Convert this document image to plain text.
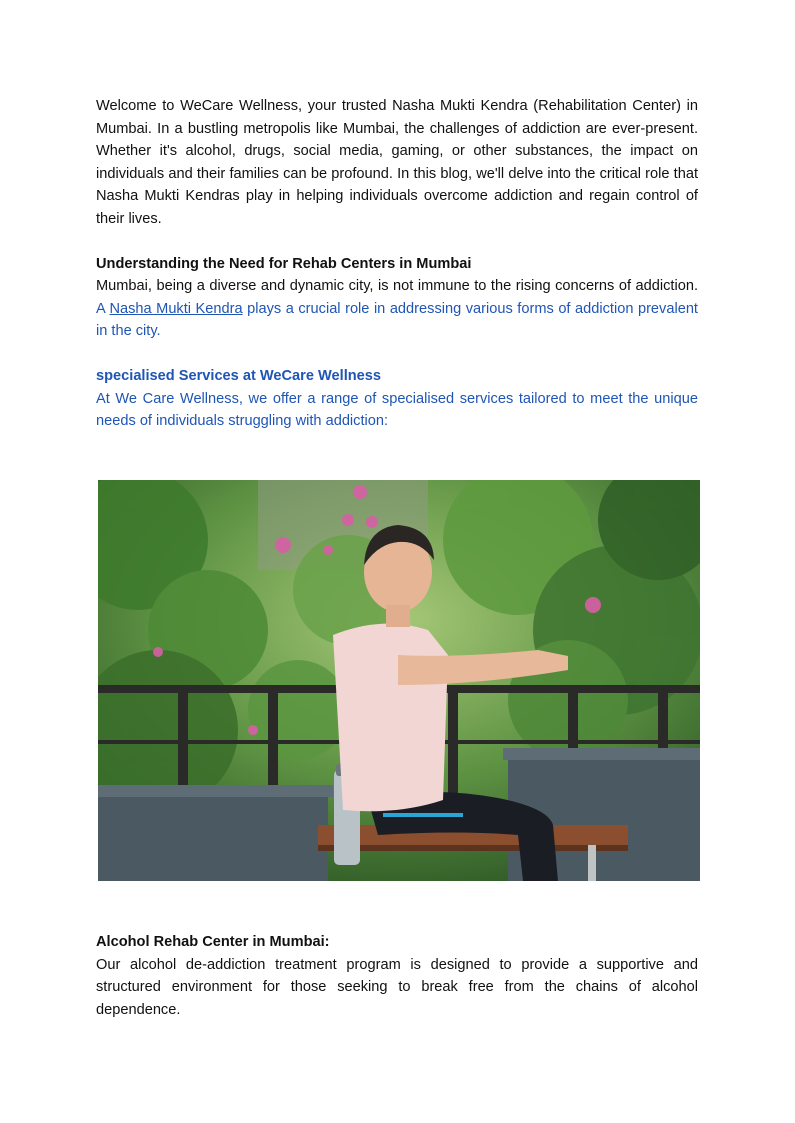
Welcome to WeCare Wellness, your trusted Nasha Mukti Kendra (Rehabilitation Center) in Mumbai. In a bustling metropolis like Mumbai, the challenges of addiction are ever-present. Whether it's alcohol, drugs, social media, gaming, or other substances, the impact on individuals and their families can be profound. In this blog, we'll delve into the critical role that Nasha Mukti Kendras play in helping individuals overcome addiction and regain control of their lives.

Understanding the Need for Rehab Centers in Mumbai

Mumbai, being a diverse and dynamic city, is not immune to the rising concerns of addiction. A Nasha Mukti Kendra plays a crucial role in addressing various forms of addiction prevalent in the city.

specialised Services at WeCare Wellness

At We Care Wellness, we offer a range of specialised services tailored to meet the unique needs of individuals struggling with addiction:

Alcohol Rehab Center in Mumbai:

Our alcohol de-addiction treatment program is designed to provide a supportive and structured environment for those seeking to break free from the chains of alcohol dependence.
